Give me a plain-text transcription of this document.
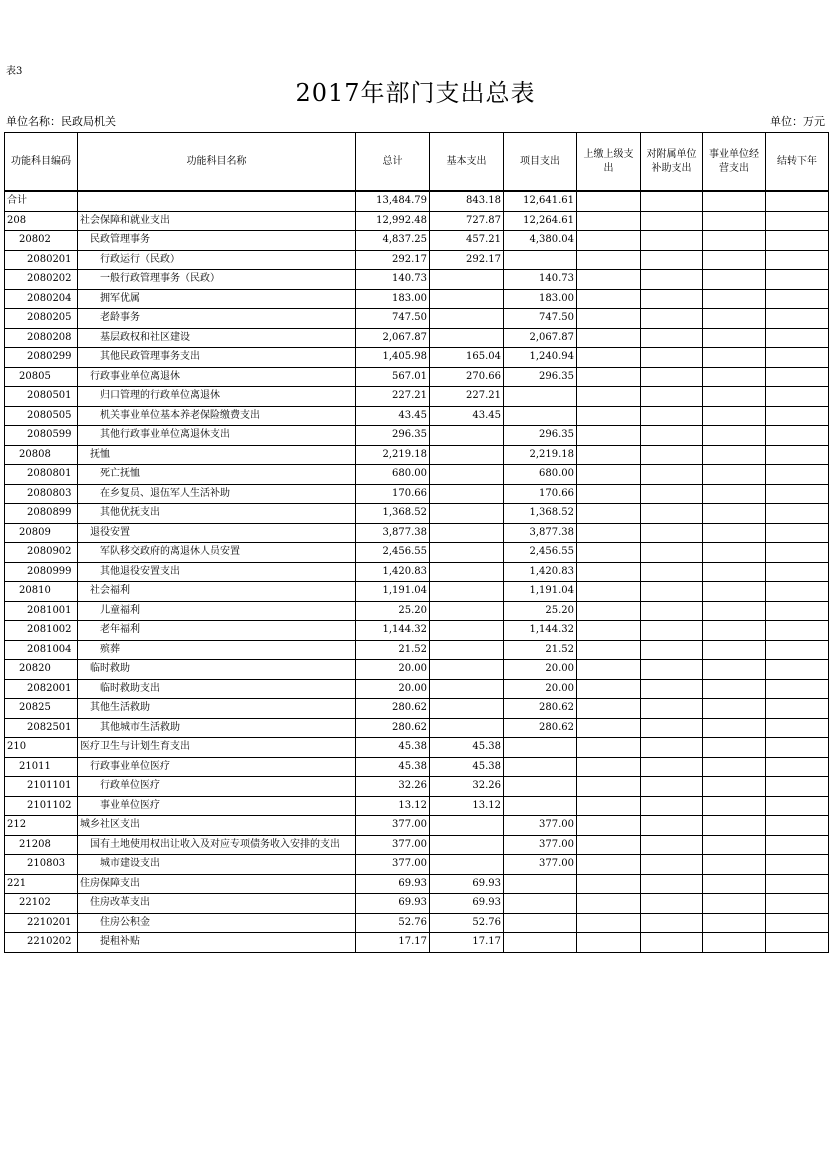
表3
2017年部门支出总表
单位名称：民政局机关	单位：万元
功能科目编码	功能科目名称	总计	基本支出	项目支出	上缴上级支出	对附属单位补助支出	事业单位经营支出	结转下年
合计		13,484.79	843.18	12,641.61				
208	社会保障和就业支出	12,992.48	727.87	12,264.61				
20802	民政管理事务	4,837.25	457.21	4,380.04				
2080201	行政运行（民政）	292.17	292.17					
2080202	一般行政管理事务（民政）	140.73		140.73				
2080204	拥军优属	183.00		183.00				
2080205	老龄事务	747.50		747.50				
2080208	基层政权和社区建设	2,067.87		2,067.87				
2080299	其他民政管理事务支出	1,405.98	165.04	1,240.94				
20805	行政事业单位离退休	567.01	270.66	296.35				
2080501	归口管理的行政单位离退休	227.21	227.21					
2080505	机关事业单位基本养老保险缴费支出	43.45	43.45					
2080599	其他行政事业单位离退休支出	296.35		296.35				
20808	抚恤	2,219.18		2,219.18				
2080801	死亡抚恤	680.00		680.00				
2080803	在乡复员、退伍军人生活补助	170.66		170.66				
2080899	其他优抚支出	1,368.52		1,368.52				
20809	退役安置	3,877.38		3,877.38				
2080902	军队移交政府的离退休人员安置	2,456.55		2,456.55				
2080999	其他退役安置支出	1,420.83		1,420.83				
20810	社会福利	1,191.04		1,191.04				
2081001	儿童福利	25.20		25.20				
2081002	老年福利	1,144.32		1,144.32				
2081004	殡葬	21.52		21.52				
20820	临时救助	20.00		20.00				
2082001	临时救助支出	20.00		20.00				
20825	其他生活救助	280.62		280.62				
2082501	其他城市生活救助	280.62		280.62				
210	医疗卫生与计划生育支出	45.38	45.38					
21011	行政事业单位医疗	45.38	45.38					
2101101	行政单位医疗	32.26	32.26					
2101102	事业单位医疗	13.12	13.12					
212	城乡社区支出	377.00		377.00				
21208	国有土地使用权出让收入及对应专项债务收入安排的支出	377.00		377.00				
210803	城市建设支出	377.00		377.00				
221	住房保障支出	69.93	69.93					
22102	住房改革支出	69.93	69.93					
2210201	住房公积金	52.76	52.76					
2210202	提租补贴	17.17	17.17					
